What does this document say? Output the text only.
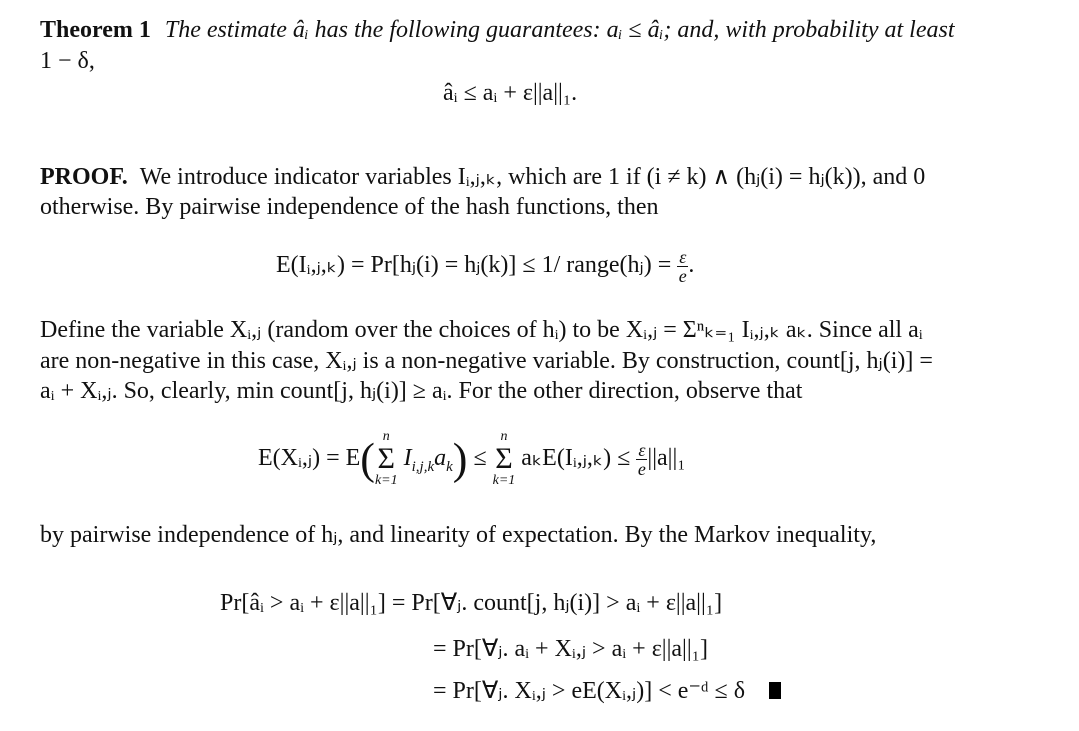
Theorem 1 The estimate âᵢ has the following guarantees: aᵢ ≤ âᵢ; and, with probability at least
1 − δ,
âᵢ ≤ aᵢ + ε||a||₁.
PROOF. We introduce indicator variables Iᵢ,ⱼ,ₖ, which are 1 if (i ≠ k) ∧ (hⱼ(i) = hⱼ(k)), and 0
otherwise. By pairwise independence of the hash functions, then
E(Iᵢ,ⱼ,ₖ) = Pr[hⱼ(i) = hⱼ(k)] ≤ 1/ range(hⱼ) = $\frac{\varepsilon}{e}$ .
Define the variable Xᵢ,ⱼ (random over the choices of hᵢ) to be Xᵢ,ⱼ = Σⁿₖ₌₁ Iᵢ,ⱼ,ₖ aₖ. Since all aᵢ
are non-negative in this case, Xᵢ,ⱼ is a non-negative variable. By construction, count[j, hⱼ(i)] =
aᵢ + Xᵢ,ⱼ. So, clearly, min count[j, hⱼ(i)] ≥ aᵢ. For the other direction, observe that
E(Xᵢ,ⱼ) = E( n
Σ
k=1
$I_{i,j,k}a_k$) ≤
n
Σ
k=1
aₖE(Iᵢ,ⱼ,ₖ) ≤ $\frac{\varepsilon}{e} ||a||_1$
by pairwise independence of hⱼ, and linearity of expectation. By the Markov inequality,
Pr[âᵢ > aᵢ + ε||a||₁] = Pr[∀ⱼ. count[j, hⱼ(i)] > aᵢ + ε||a||₁]
= Pr[∀ⱼ. aᵢ + Xᵢ,ⱼ > aᵢ + ε||a||₁]
= Pr[∀ⱼ. Xᵢ,ⱼ > eE(Xᵢ,ⱼ)] < e⁻ᵈ ≤ δ
